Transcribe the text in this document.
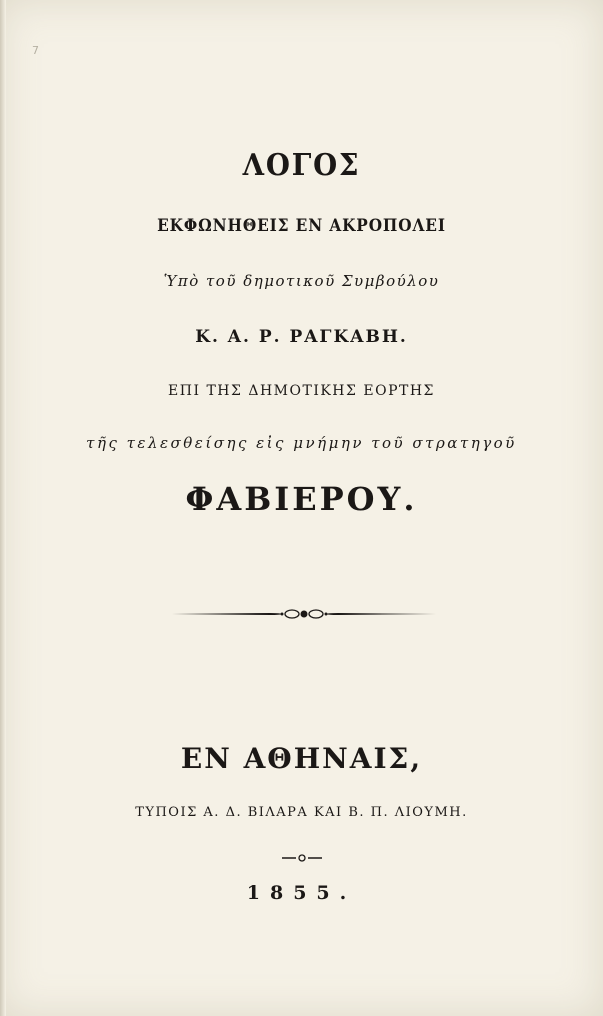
7
ΛΟΓΟΣ
ΕΚΦΩΝΗΘΕΙΣ ΕΝ ΑΚΡΟΠΟΛΕΙ
Ὑπὸ τοῦ δημοτικοῦ Συμβούλου
Κ. Α. Ρ. ΡΑΓΚΑΒΗ.
ΕΠΙ ΤΗΣ ΔΗΜΟΤΙΚΗΣ ΕΟΡΤΗΣ
τῆς τελεσθείσης εἰς μνήμην τοῦ στρατηγοῦ
ΦΑΒΙΕΡΟΥ.
ΕΝ ΑΘΗΝΑΙΣ,
ΤΥΠΟΙΣ Α. Δ. ΒΙΛΑΡΑ ΚΑΙ Β. Π. ΛΙΟΥΜΗ.
1855.
